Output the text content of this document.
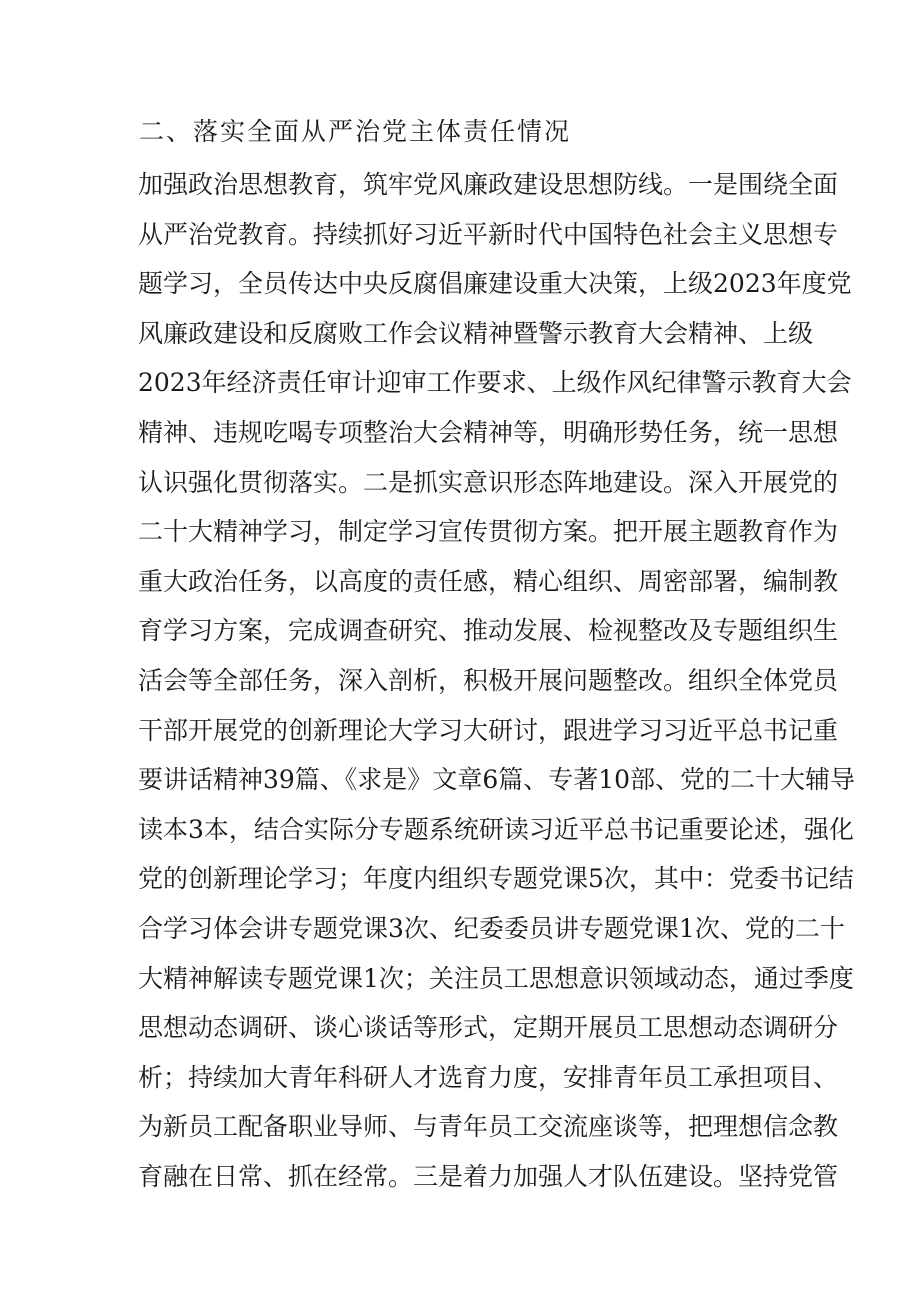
二、落实全面从严治党主体责任情况
加强政治思想教育，筑牢党风廉政建设思想防线。一是围绕全面
从严治党教育。持续抓好习近平新时代中国特色社会主义思想专
题学习，全员传达中央反腐倡廉建设重大决策，上级2023年度党
风廉政建设和反腐败工作会议精神暨警示教育大会精神、上级
2023年经济责任审计迎审工作要求、上级作风纪律警示教育大会
精神、违规吃喝专项整治大会精神等，明确形势任务，统一思想
认识强化贯彻落实。二是抓实意识形态阵地建设。深入开展党的
二十大精神学习，制定学习宣传贯彻方案。把开展主题教育作为
重大政治任务，以高度的责任感，精心组织、周密部署，编制教
育学习方案，完成调查研究、推动发展、检视整改及专题组织生
活会等全部任务，深入剖析，积极开展问题整改。组织全体党员
干部开展党的创新理论大学习大研讨，跟进学习习近平总书记重
要讲话精神39篇、《求是》文章6篇、专著10部、党的二十大辅导
读本3本，结合实际分专题系统研读习近平总书记重要论述，强化
党的创新理论学习；年度内组织专题党课5次，其中：党委书记结
合学习体会讲专题党课3次、纪委委员讲专题党课1次、党的二十
大精神解读专题党课1次；关注员工思想意识领域动态，通过季度
思想动态调研、谈心谈话等形式，定期开展员工思想动态调研分
析；持续加大青年科研人才选育力度，安排青年员工承担项目、
为新员工配备职业导师、与青年员工交流座谈等，把理想信念教
育融在日常、抓在经常。三是着力加强人才队伍建设。坚持党管
